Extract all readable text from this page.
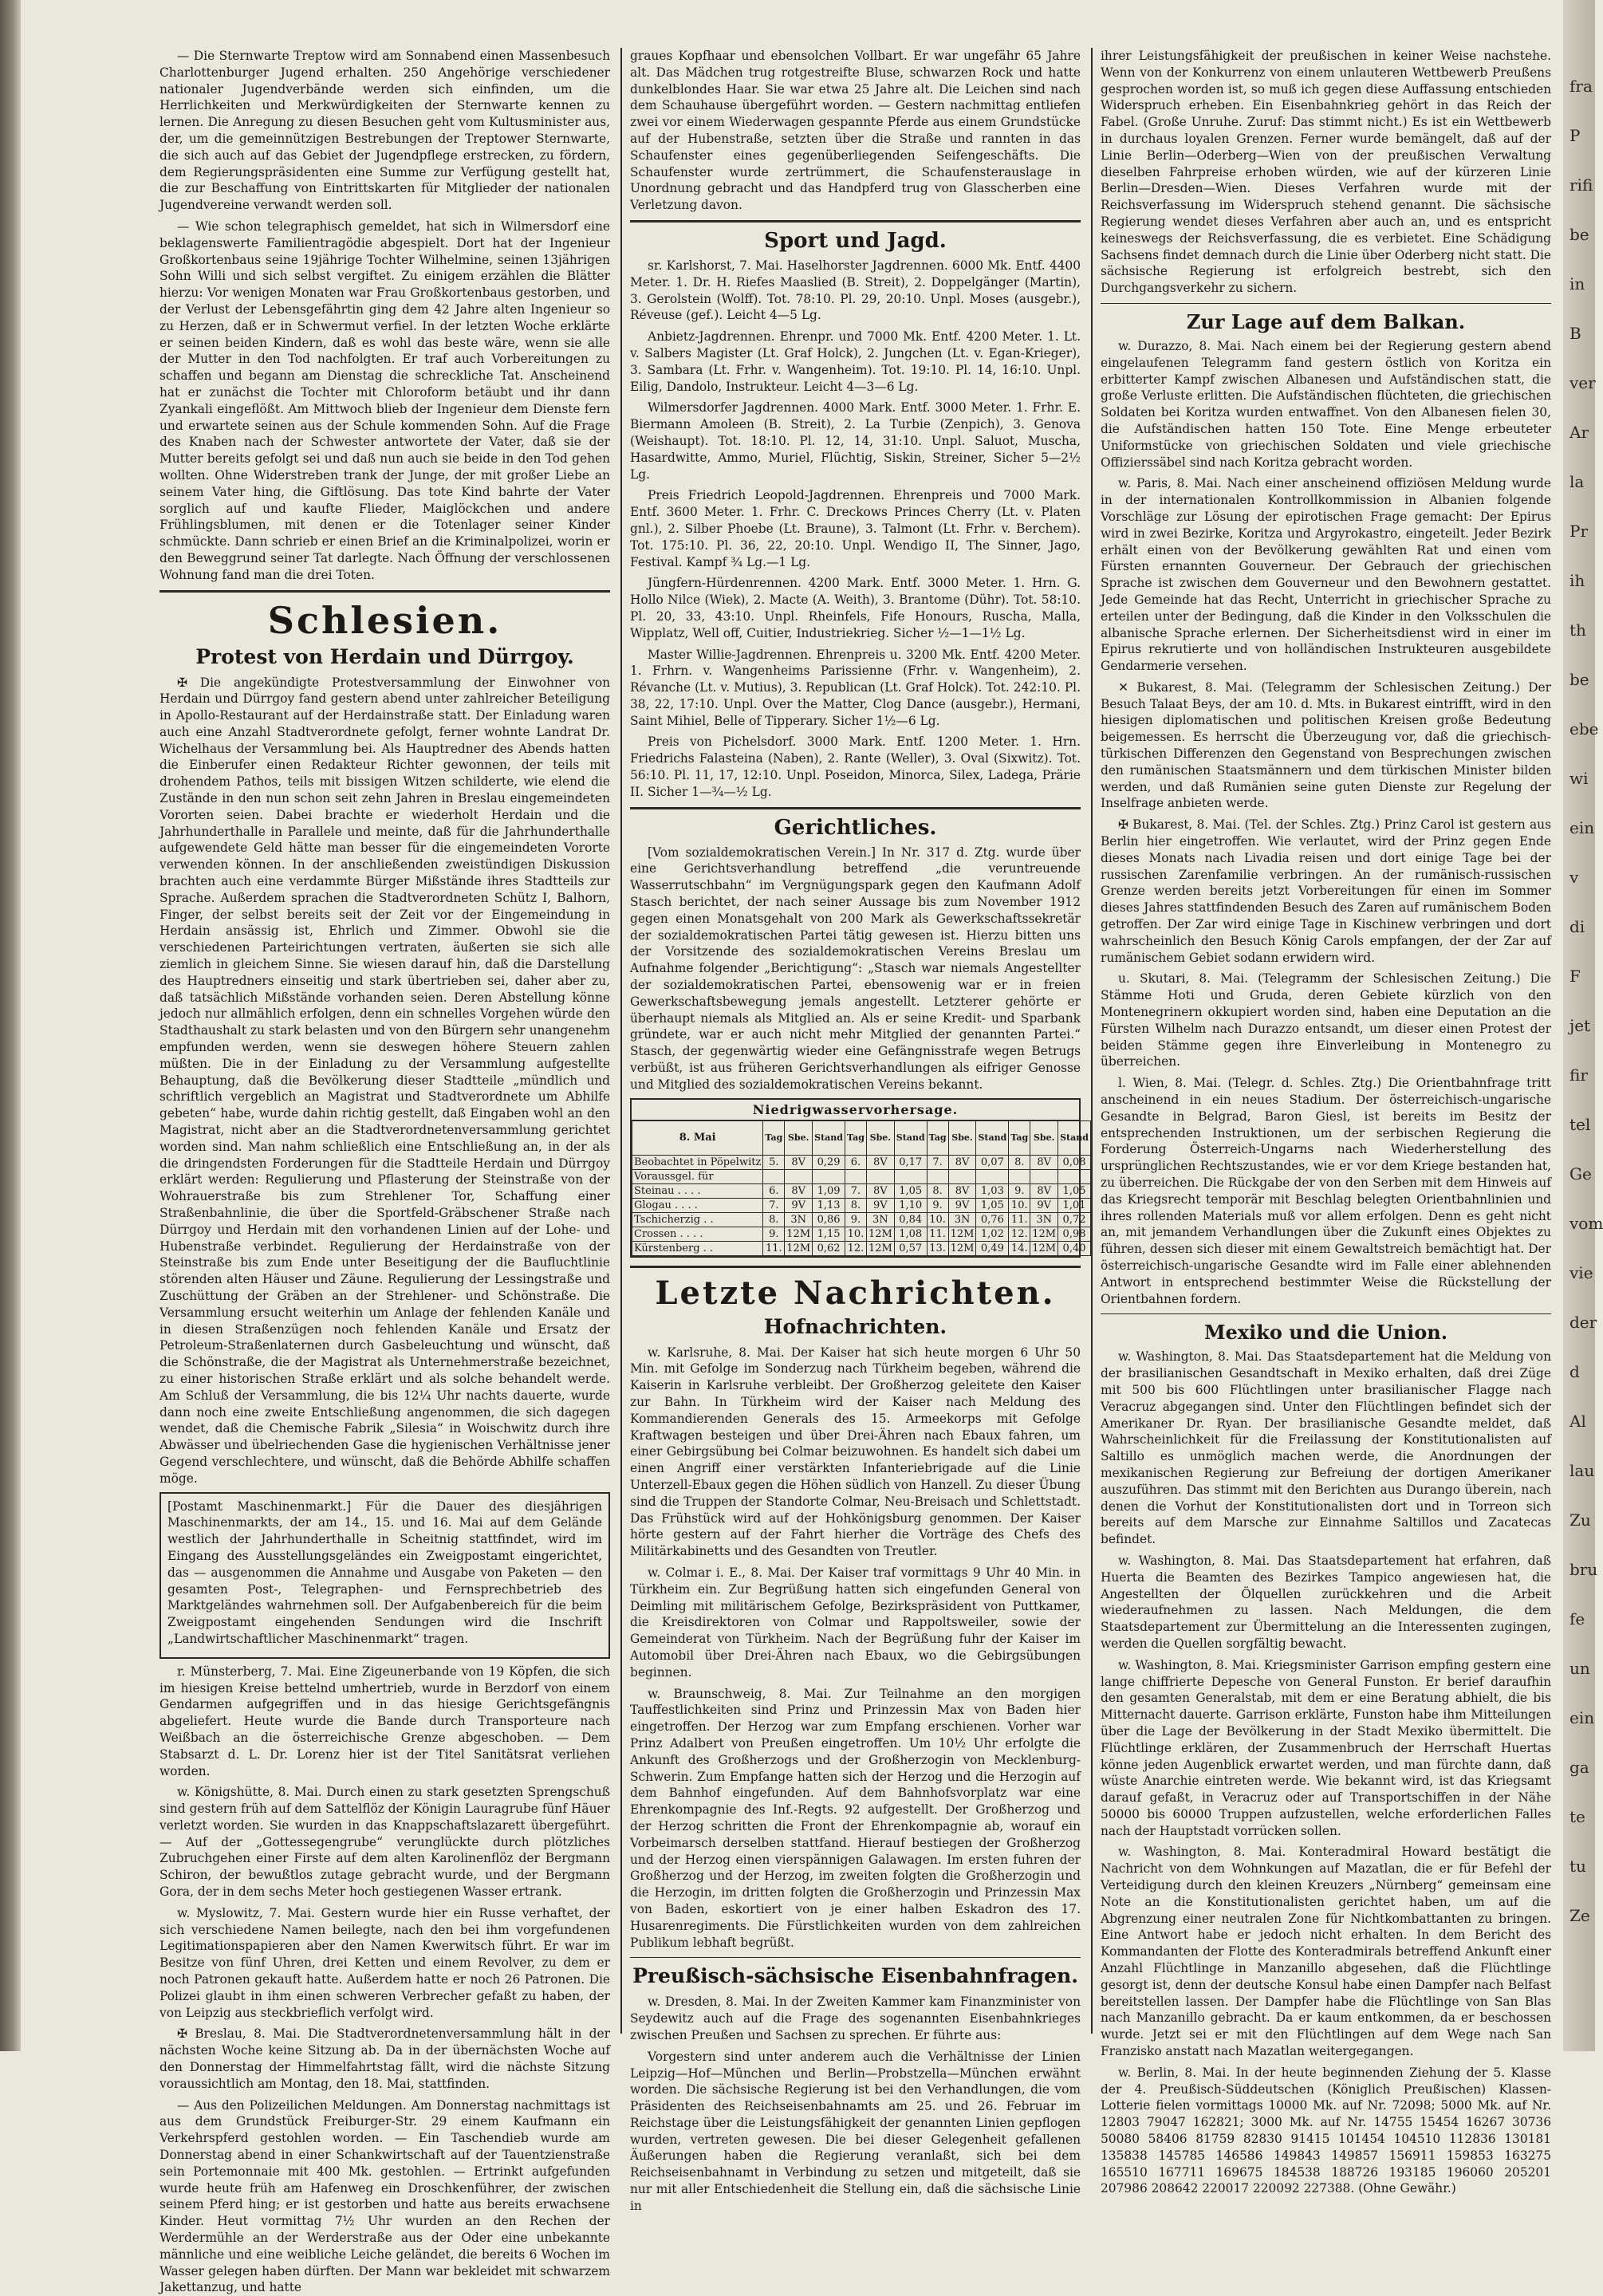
— Die Sternwarte Treptow wird am Sonnabend einen Massenbesuch Charlottenburger Jugend erhalten. 250 Angehörige verschiedener nationaler Jugendverbände werden sich einfinden, um die Herrlichkeiten und Merkwürdigkeiten der Sternwarte kennen zu lernen. Die Anregung zu diesen Besuchen geht vom Kultusminister aus, der, um die gemeinnützigen Bestrebungen der Treptower Sternwarte, die sich auch auf das Gebiet der Jugendpflege erstrecken, zu fördern, dem Regierungspräsidenten eine Summe zur Verfügung gestellt hat, die zur Beschaffung von Eintrittskarten für Mitglieder der nationalen Jugendvereine verwandt werden soll.

— Wie schon telegraphisch gemeldet, hat sich in Wilmersdorf eine beklagenswerte Familientragödie abgespielt. Dort hat der Ingenieur Großkortenbaus seine 19jährige Tochter Wilhelmine, seinen 13jährigen Sohn Willi und sich selbst vergiftet. Zu einigem erzählen die Blätter hierzu: Vor wenigen Monaten war Frau Großkortenbaus gestorben, und der Verlust der Lebensgefährtin ging dem 42 Jahre alten Ingenieur so zu Herzen, daß er in Schwermut verfiel. In der letzten Woche erklärte er seinen beiden Kindern, daß es wohl das beste wäre, wenn sie alle der Mutter in den Tod nachfolgten. Er traf auch Vorbereitungen zu schaffen und begann am Dienstag die schreckliche Tat. Anscheinend hat er zunächst die Tochter mit Chloroform betäubt und ihr dann Zyankali eingeflößt. Am Mittwoch blieb der Ingenieur dem Dienste fern und erwartete seinen aus der Schule kommenden Sohn. Auf die Frage des Knaben nach der Schwester antwortete der Vater, daß sie der Mutter bereits gefolgt sei und daß nun auch sie beide in den Tod gehen wollten. Ohne Widerstreben trank der Junge, der mit großer Liebe an seinem Vater hing, die Giftlösung. Das tote Kind bahrte der Vater sorglich auf und kaufte Flieder, Maiglöckchen und andere Frühlingsblumen, mit denen er die Totenlager seiner Kinder schmückte. Dann schrieb er einen Brief an die Kriminalpolizei, worin er den Beweggrund seiner Tat darlegte. Nach Öffnung der verschlossenen Wohnung fand man die drei Toten.

Schlesien.
Protest von Herdain und Dürrgoy.

✠ Die angekündigte Protestversammlung der Einwohner von Herdain und Dürrgoy fand gestern abend unter zahlreicher Beteiligung in Apollo-Restaurant auf der Herdainstraße statt. Der Einladung waren auch eine Anzahl Stadtverordnete gefolgt, ferner wohnte Landrat Dr. Wichelhaus der Versammlung bei. Als Hauptredner des Abends hatten die Einberufer einen Redakteur Richter gewonnen, der teils mit drohendem Pathos, teils mit bissigen Witzen schilderte, wie elend die Zustände in den nun schon seit zehn Jahren in Breslau eingemeindeten Vororten seien. Dabei brachte er wiederholt Herdain und die Jahrhunderthalle in Parallele und meinte, daß für die Jahrhunderthalle aufgewendete Geld hätte man besser für die eingemeindeten Vororte verwenden können. In der anschließenden zweistündigen Diskussion brachten auch eine verdammte Bürger Mißstände ihres Stadtteils zur Sprache. Außerdem sprachen die Stadtverordneten Schütz I, Balhorn, Finger, der selbst bereits seit der Zeit vor der Eingemeindung in Herdain ansässig ist, Ehrlich und Zimmer. Obwohl sie die verschiedenen Parteirichtungen vertraten, äußerten sie sich alle ziemlich in gleichem Sinne. Sie wiesen darauf hin, daß die Darstellung des Hauptredners einseitig und stark übertrieben sei, daher aber zu, daß tatsächlich Mißstände vorhanden seien. Deren Abstellung könne jedoch nur allmählich erfolgen, denn ein schnelles Vorgehen würde den Stadthaushalt zu stark belasten und von den Bürgern sehr unangenehm empfunden werden, wenn sie deswegen höhere Steuern zahlen müßten. Die in der Einladung zu der Versammlung aufgestellte Behauptung, daß die Bevölkerung dieser Stadtteile „mündlich und schriftlich vergeblich an Magistrat und Stadtverordnete um Abhilfe gebeten“ habe, wurde dahin richtig gestellt, daß Eingaben wohl an den Magistrat, nicht aber an die Stadtverordnetenversammlung gerichtet worden sind. Man nahm schließlich eine Entschließung an, in der als die dringendsten Forderungen für die Stadtteile Herdain und Dürrgoy erklärt werden: Regulierung und Pflasterung der Steinstraße von der Wohrauerstraße bis zum Strehlener Tor, Schaffung einer Straßenbahnlinie, die über die Sportfeld-Gräbschener Straße nach Dürrgoy und Herdain mit den vorhandenen Linien auf der Lohe- und Hubenstraße verbindet. Regulierung der Herdainstraße von der Steinstraße bis zum Ende unter Beseitigung der die Baufluchtlinie störenden alten Häuser und Zäune. Regulierung der Lessingstraße und Zuschüttung der Gräben an der Strehlener- und Schönstraße. Die Versammlung ersucht weiterhin um Anlage der fehlenden Kanäle und in diesen Straßenzügen noch fehlenden Kanäle und Ersatz der Petroleum-Straßenlaternen durch Gasbeleuchtung und wünscht, daß die Schönstraße, die der Magistrat als Unternehmerstraße bezeichnet, zu einer historischen Straße erklärt und als solche behandelt werde. Am Schluß der Versammlung, die bis 12¼ Uhr nachts dauerte, wurde dann noch eine zweite Entschließung angenommen, die sich dagegen wendet, daß die Chemische Fabrik „Silesia“ in Woischwitz durch ihre Abwässer und übelriechenden Gase die hygienischen Verhältnisse jener Gegend verschlechtere, und wünscht, daß die Behörde Abhilfe schaffen möge.

[Postamt Maschinenmarkt.] Für die Dauer des diesjährigen Maschinenmarkts, der am 14., 15. und 16. Mai auf dem Gelände westlich der Jahrhunderthalle in Scheitnig stattfindet, wird im Eingang des Ausstellungsgeländes ein Zweigpostamt eingerichtet, das — ausgenommen die Annahme und Ausgabe von Paketen — den gesamten Post-, Telegraphen- und Fernsprechbetrieb des Marktgeländes wahrnehmen soll. Der Aufgabenbereich für die beim Zweigpostamt eingehenden Sendungen wird die Inschrift „Landwirtschaftlicher Maschinenmarkt“ tragen.

r. Münsterberg, 7. Mai. Eine Zigeunerbande von 19 Köpfen, die sich im hiesigen Kreise bettelnd umhertrieb, wurde in Berzdorf von einem Gendarmen aufgegriffen und in das hiesige Gerichtsgefängnis abgeliefert. Heute wurde die Bande durch Transporteure nach Weißbach an die österreichische Grenze abgeschoben. — Dem Stabsarzt d. L. Dr. Lorenz hier ist der Titel Sanitätsrat verliehen worden.

w. Königshütte, 8. Mai. Durch einen zu stark gesetzten Sprengschuß sind gestern früh auf dem Sattelflöz der Königin Lauragrube fünf Häuer verletzt worden. Sie wurden in das Knappschaftslazarett übergeführt. — Auf der „Gottessegengrube“ verunglückte durch plötzliches Zubruchgehen einer Firste auf dem alten Karolinenflöz der Bergmann Schiron, der bewußtlos zutage gebracht wurde, und der Bergmann Gora, der in dem sechs Meter hoch gestiegenen Wasser ertrank.

w. Myslowitz, 7. Mai. Gestern wurde hier ein Russe verhaftet, der sich verschiedene Namen beilegte, nach den bei ihm vorgefundenen Legitimationspapieren aber den Namen Kwerwitsch führt. Er war im Besitze von fünf Uhren, drei Ketten und einem Revolver, zu dem er noch Patronen gekauft hatte. Außerdem hatte er noch 26 Patronen. Die Polizei glaubt in ihm einen schweren Verbrecher gefaßt zu haben, der von Leipzig aus steckbrieflich verfolgt wird.

✠ Breslau, 8. Mai. Die Stadtverordnetenversammlung hält in der nächsten Woche keine Sitzung ab. Da in der übernächsten Woche auf den Donnerstag der Himmelfahrtstag fällt, wird die nächste Sitzung voraussichtlich am Montag, den 18. Mai, stattfinden.

— Aus den Polizeilichen Meldungen. Am Donnerstag nachmittags ist aus dem Grundstück Freiburger-Str. 29 einem Kaufmann ein Verkehrspferd gestohlen worden. — Ein Taschendieb wurde am Donnerstag abend in einer Schankwirtschaft auf der Tauentzienstraße sein Portemonnaie mit 400 Mk. gestohlen. — Ertrinkt aufgefunden wurde heute früh am Hafenweg ein Droschkenführer, der zwischen seinem Pferd hing; er ist gestorben und hatte aus bereits erwachsene Kinder. Heut vormittag 7½ Uhr wurden an den Rechen der Werdermühle an der Werderstraße aus der Oder eine unbekannte männliche und eine weibliche Leiche geländet, die bereits 6 Wochen im Wasser gelegen haben dürften. Der Mann war bekleidet mit schwarzem Jakettanzug, und hatte

graues Kopfhaar und ebensolchen Vollbart. Er war ungefähr 65 Jahre alt. Das Mädchen trug rotgestreifte Bluse, schwarzen Rock und hatte dunkelblondes Haar. Sie war etwa 25 Jahre alt. Die Leichen sind nach dem Schauhause übergeführt worden. — Gestern nachmittag entliefen zwei vor einem Wiederwagen gespannte Pferde aus einem Grundstücke auf der Hubenstraße, setzten über die Straße und rannten in das Schaufenster eines gegenüberliegenden Seifengeschäfts. Die Schaufenster wurde zertrümmert, die Schaufensterauslage in Unordnung gebracht und das Handpferd trug von Glasscherben eine Verletzung davon.

Sport und Jagd.

sr. Karlshorst, 7. Mai. Haselhorster Jagdrennen. 6000 Mk. Entf. 4400 Meter. 1. Dr. H. Riefes Maaslied (B. Streit), 2. Doppelgänger (Martin), 3. Gerolstein (Wolff). Tot. 78:10. Pl. 29, 20:10. Unpl. Moses (ausgebr.), Réveuse (gef.). Leicht 4—5 Lg.

Anbietz-Jagdrennen. Ehrenpr. und 7000 Mk. Entf. 4200 Meter. 1. Lt. v. Salbers Magister (Lt. Graf Holck), 2. Jungchen (Lt. v. Egan-Krieger), 3. Sambara (Lt. Frhr. v. Wangenheim). Tot. 19:10. Pl. 14, 16:10. Unpl. Eilig, Dandolo, Instrukteur. Leicht 4—3—6 Lg.

Wilmersdorfer Jagdrennen. 4000 Mark. Entf. 3000 Meter. 1. Frhr. E. Biermann Amoleen (B. Streit), 2. La Turbie (Zenpich), 3. Genova (Weishaupt). Tot. 18:10. Pl. 12, 14, 31:10. Unpl. Saluot, Muscha, Hasardwitte, Ammo, Muriel, Flüchtig, Siskin, Streiner, Sicher 5—2½ Lg.

Preis Friedrich Leopold-Jagdrennen. Ehrenpreis und 7000 Mark. Entf. 3600 Meter. 1. Frhr. C. Dreckows Princes Cherry (Lt. v. Platen gnl.), 2. Silber Phoebe (Lt. Braune), 3. Talmont (Lt. Frhr. v. Berchem). Tot. 175:10. Pl. 36, 22, 20:10. Unpl. Wendigo II, The Sinner, Jago, Festival. Kampf ¾ Lg.—1 Lg.

Jüngfern-Hürdenrennen. 4200 Mark. Entf. 3000 Meter. 1. Hrn. G. Hollo Nilce (Wiek), 2. Macte (A. Weith), 3. Brantome (Dühr). Tot. 58:10. Pl. 20, 33, 43:10. Unpl. Rheinfels, Fife Honours, Ruscha, Malla, Wipplatz, Well off, Cuitier, Industriekrieg. Sicher ½—1—1½ Lg.

Master Willie-Jagdrennen. Ehrenpreis u. 3200 Mk. Entf. 4200 Meter. 1. Frhrn. v. Wangenheims Parissienne (Frhr. v. Wangenheim), 2. Révanche (Lt. v. Mutius), 3. Republican (Lt. Graf Holck). Tot. 242:10. Pl. 38, 22, 17:10. Unpl. Over the Matter, Clog Dance (ausgebr.), Hermani, Saint Mihiel, Belle of Tipperary. Sicher 1½—6 Lg.

Preis von Pichelsdorf. 3000 Mark. Entf. 1200 Meter. 1. Hrn. Friedrichs Falasteina (Naben), 2. Rante (Weller), 3. Oval (Sixwitz). Tot. 56:10. Pl. 11, 17, 12:10. Unpl. Poseidon, Minorca, Silex, Ladega, Prärie II. Sicher 1—¾—½ Lg.

Gerichtliches.

[Vom sozialdemokratischen Verein.] In Nr. 317 d. Ztg. wurde über eine Gerichtsverhandlung betreffend „die veruntreuende Wasserrutschbahn“ im Vergnügungspark gegen den Kaufmann Adolf Stasch berichtet, der nach seiner Aussage bis zum November 1912 gegen einen Monatsgehalt von 200 Mark als Gewerkschaftssekretär der sozialdemokratischen Partei tätig gewesen ist. Hierzu bitten uns der Vorsitzende des sozialdemokratischen Vereins Breslau um Aufnahme folgender „Berichtigung“: „Stasch war niemals Angestellter der sozialdemokratischen Partei, ebensowenig war er in freien Gewerkschaftsbewegung jemals angestellt. Letzterer gehörte er überhaupt niemals als Mitglied an. Als er seine Kredit- und Sparbank gründete, war er auch nicht mehr Mitglied der genannten Partei.“ Stasch, der gegenwärtig wieder eine Gefängnisstrafe wegen Betrugs verbüßt, ist aus früheren Gerichtsverhandlungen als eifriger Genosse und Mitglied des sozialdemokratischen Vereins bekannt.

Niedrigwasservorhersage.
8. Mai	Tag	Sbe.	Stand	Tag	Sbe.	Stand	Tag	Sbe.	Stand	Tag	Sbe.	Stand
Beobachtet in Pöpelwitz	5.	8V	0,29	6.	8V	0,17	7.	8V	0,07	8.	8V	0,08
Voraussgel. für												
Steinau . . . .	6.	8V	1,09	7.	8V	1,05	8.	8V	1,03	9.	8V	1,05
Glogau . . . .	7.	9V	1,13	8.	9V	1,10	9.	9V	1,05	10.	9V	1,01
Tschicherzig . .	8.	3N	0,86	9.	3N	0,84	10.	3N	0,76	11.	3N	0,72
Crossen . . . .	9.	12M	1,15	10.	12M	1,08	11.	12M	1,02	12.	12M	0,98
Kürstenberg . .	11.	12M	0,62	12.	12M	0,57	13.	12M	0,49	14.	12M	0,40
Letzte Nachrichten.
Hofnachrichten.

w. Karlsruhe, 8. Mai. Der Kaiser hat sich heute morgen 6 Uhr 50 Min. mit Gefolge im Sonderzug nach Türkheim begeben, während die Kaiserin in Karlsruhe verbleibt. Der Großherzog geleitete den Kaiser zur Bahn. In Türkheim wird der Kaiser nach Meldung des Kommandierenden Generals des 15. Armeekorps mit Gefolge Kraftwagen besteigen und über Drei-Ähren nach Ebaux fahren, um einer Gebirgsübung bei Colmar beizuwohnen. Es handelt sich dabei um einen Angriff einer verstärkten Infanteriebrigade auf die Linie Unterzell-Ebaux gegen die Höhen südlich von Hanzell. Zu dieser Übung sind die Truppen der Standorte Colmar, Neu-Breisach und Schlettstadt. Das Frühstück wird auf der Hohkönigsburg genommen. Der Kaiser hörte gestern auf der Fahrt hierher die Vorträge des Chefs des Militärkabinetts und des Gesandten von Treutler.

w. Colmar i. E., 8. Mai. Der Kaiser traf vormittags 9 Uhr 40 Min. in Türkheim ein. Zur Begrüßung hatten sich eingefunden General von Deimling mit militärischem Gefolge, Bezirkspräsident von Puttkamer, die Kreisdirektoren von Colmar und Rappoltsweiler, sowie der Gemeinderat von Türkheim. Nach der Begrüßung fuhr der Kaiser im Automobil über Drei-Ähren nach Ebaux, wo die Gebirgsübungen beginnen.

w. Braunschweig, 8. Mai. Zur Teilnahme an den morgigen Tauffestlichkeiten sind Prinz und Prinzessin Max von Baden hier eingetroffen. Der Herzog war zum Empfang erschienen. Vorher war Prinz Adalbert von Preußen eingetroffen. Um 10½ Uhr erfolgte die Ankunft des Großherzogs und der Großherzogin von Mecklenburg-Schwerin. Zum Empfange hatten sich der Herzog und die Herzogin auf dem Bahnhof eingefunden. Auf dem Bahnhofsvorplatz war eine Ehrenkompagnie des Inf.-Regts. 92 aufgestellt. Der Großherzog und der Herzog schritten die Front der Ehrenkompagnie ab, worauf ein Vorbeimarsch derselben stattfand. Hierauf bestiegen der Großherzog und der Herzog einen vierspännigen Galawagen. Im ersten fuhren der Großherzog und der Herzog, im zweiten folgten die Großherzogin und die Herzogin, im dritten folgten die Großherzogin und Prinzessin Max von Baden, eskortiert von je einer halben Eskadron des 17. Husarenregiments. Die Fürstlichkeiten wurden von dem zahlreichen Publikum lebhaft begrüßt.

Preußisch-sächsische Eisenbahnfragen.

w. Dresden, 8. Mai. In der Zweiten Kammer kam Finanzminister von Seydewitz auch auf die Frage des sogenannten Eisenbahnkrieges zwischen Preußen und Sachsen zu sprechen. Er führte aus:

Vorgestern sind unter anderem auch die Verhältnisse der Linien Leipzig—Hof—München und Berlin—Probstzella—München erwähnt worden. Die sächsische Regierung ist bei den Verhandlungen, die vom Präsidenten des Reichseisenbahnamts am 25. und 26. Februar im Reichstage über die Leistungsfähigkeit der genannten Linien gepflogen wurden, vertreten gewesen. Die bei dieser Gelegenheit gefallenen Äußerungen haben die Regierung veranlaßt, sich bei dem Reichseisenbahnamt in Verbindung zu setzen und mitgeteilt, daß sie nur mit aller Entschiedenheit die Stellung ein, daß die sächsische Linie in

ihrer Leistungsfähigkeit der preußischen in keiner Weise nachstehe. Wenn von der Konkurrenz von einem unlauteren Wettbewerb Preußens gesprochen worden ist, so muß ich gegen diese Auffassung entschieden Widerspruch erheben. Ein Eisenbahnkrieg gehört in das Reich der Fabel. (Große Unruhe. Zuruf: Das stimmt nicht.) Es ist ein Wettbewerb in durchaus loyalen Grenzen. Ferner wurde bemängelt, daß auf der Linie Berlin—Oderberg—Wien von der preußischen Verwaltung dieselben Fahrpreise erhoben würden, wie auf der kürzeren Linie Berlin—Dresden—Wien. Dieses Verfahren wurde mit der Reichsverfassung im Widerspruch stehend genannt. Die sächsische Regierung wendet dieses Verfahren aber auch an, und es entspricht keineswegs der Reichsverfassung, die es verbietet. Eine Schädigung Sachsens findet demnach durch die Linie über Oderberg nicht statt. Die sächsische Regierung ist erfolgreich bestrebt, sich den Durchgangsverkehr zu sichern.

Zur Lage auf dem Balkan.

w. Durazzo, 8. Mai. Nach einem bei der Regierung gestern abend eingelaufenen Telegramm fand gestern östlich von Koritza ein erbitterter Kampf zwischen Albanesen und Aufständischen statt, die große Verluste erlitten. Die Aufständischen flüchteten, die griechischen Soldaten bei Koritza wurden entwaffnet. Von den Albanesen fielen 30, die Aufständischen hatten 150 Tote. Eine Menge erbeuteter Uniformstücke von griechischen Soldaten und viele griechische Offizierssäbel sind nach Koritza gebracht worden.

w. Paris, 8. Mai. Nach einer anscheinend offiziösen Meldung wurde in der internationalen Kontrollkommission in Albanien folgende Vorschläge zur Lösung der epirotischen Frage gemacht: Der Epirus wird in zwei Bezirke, Koritza und Argyrokastro, eingeteilt. Jeder Bezirk erhält einen von der Bevölkerung gewählten Rat und einen vom Fürsten ernannten Gouverneur. Der Gebrauch der griechischen Sprache ist zwischen dem Gouverneur und den Bewohnern gestattet. Jede Gemeinde hat das Recht, Unterricht in griechischer Sprache zu erteilen unter der Bedingung, daß die Kinder in den Volksschulen die albanische Sprache erlernen. Der Sicherheitsdienst wird in einer im Epirus rekrutierte und von holländischen Instrukteuren ausgebildete Gendarmerie versehen.

✕ Bukarest, 8. Mai. (Telegramm der Schlesischen Zeitung.) Der Besuch Talaat Beys, der am 10. d. Mts. in Bukarest eintrifft, wird in den hiesigen diplomatischen und politischen Kreisen große Bedeutung beigemessen. Es herrscht die Überzeugung vor, daß die griechisch-türkischen Differenzen den Gegenstand von Besprechungen zwischen den rumänischen Staatsmännern und dem türkischen Minister bilden werden, und daß Rumänien seine guten Dienste zur Regelung der Inselfrage anbieten werde.

✠ Bukarest, 8. Mai. (Tel. der Schles. Ztg.) Prinz Carol ist gestern aus Berlin hier eingetroffen. Wie verlautet, wird der Prinz gegen Ende dieses Monats nach Livadia reisen und dort einige Tage bei der russischen Zarenfamilie verbringen. An der rumänisch-russischen Grenze werden bereits jetzt Vorbereitungen für einen im Sommer dieses Jahres stattfindenden Besuch des Zaren auf rumänischem Boden getroffen. Der Zar wird einige Tage in Kischinew verbringen und dort wahrscheinlich den Besuch König Carols empfangen, der der Zar auf rumänischem Gebiet sodann erwidern wird.

u. Skutari, 8. Mai. (Telegramm der Schlesischen Zeitung.) Die Stämme Hoti und Gruda, deren Gebiete kürzlich von den Montenegrinern okkupiert worden sind, haben eine Deputation an die Fürsten Wilhelm nach Durazzo entsandt, um dieser einen Protest der beiden Stämme gegen ihre Einverleibung in Montenegro zu überreichen.

l. Wien, 8. Mai. (Telegr. d. Schles. Ztg.) Die Orientbahnfrage tritt anscheinend in ein neues Stadium. Der österreichisch-ungarische Gesandte in Belgrad, Baron Giesl, ist bereits im Besitz der entsprechenden Instruktionen, um der serbischen Regierung die Forderung Österreich-Ungarns nach Wiederherstellung des ursprünglichen Rechtszustandes, wie er vor dem Kriege bestanden hat, zu überreichen. Die Rückgabe der von den Serben mit dem Hinweis auf das Kriegsrecht temporär mit Beschlag belegten Orientbahnlinien und ihres rollenden Materials muß vor allem erfolgen. Denn es geht nicht an, mit jemandem Verhandlungen über die Zukunft eines Objektes zu führen, dessen sich dieser mit einem Gewaltstreich bemächtigt hat. Der österreichisch-ungarische Gesandte wird im Falle einer ablehnenden Antwort in entsprechend bestimmter Weise die Rückstellung der Orientbahnen fordern.

Mexiko und die Union.

w. Washington, 8. Mai. Das Staatsdepartement hat die Meldung von der brasilianischen Gesandtschaft in Mexiko erhalten, daß drei Züge mit 500 bis 600 Flüchtlingen unter brasilianischer Flagge nach Veracruz abgegangen sind. Unter den Flüchtlingen befindet sich der Amerikaner Dr. Ryan. Der brasilianische Gesandte meldet, daß Wahrscheinlichkeit für die Freilassung der Konstitutionalisten auf Saltillo es unmöglich machen werde, die Anordnungen der mexikanischen Regierung zur Befreiung der dortigen Amerikaner auszuführen. Das stimmt mit den Berichten aus Durango überein, nach denen die Vorhut der Konstitutionalisten dort und in Torreon sich bereits auf dem Marsche zur Einnahme Saltillos und Zacatecas befindet.

w. Washington, 8. Mai. Das Staatsdepartement hat erfahren, daß Huerta die Beamten des Bezirkes Tampico angewiesen hat, die Angestellten der Ölquellen zurückkehren und die Arbeit wiederaufnehmen zu lassen. Nach Meldungen, die dem Staatsdepartement zur Übermittelung an die Interessenten zugingen, werden die Quellen sorgfältig bewacht.

w. Washington, 8. Mai. Kriegsminister Garrison empfing gestern eine lange chiffrierte Depesche von General Funston. Er berief daraufhin den gesamten Generalstab, mit dem er eine Beratung abhielt, die bis Mitternacht dauerte. Garrison erklärte, Funston habe ihm Mitteilungen über die Lage der Bevölkerung in der Stadt Mexiko übermittelt. Die Flüchtlinge erklären, der Zusammenbruch der Herrschaft Huertas könne jeden Augenblick erwartet werden, und man fürchte dann, daß wüste Anarchie eintreten werde. Wie bekannt wird, ist das Kriegsamt darauf gefaßt, in Veracruz oder auf Transportschiffen in der Nähe 50000 bis 60000 Truppen aufzustellen, welche erforderlichen Falles nach der Hauptstadt vorrücken sollen.

w. Washington, 8. Mai. Konteradmiral Howard bestätigt die Nachricht von dem Wohnkungen auf Mazatlan, die er für Befehl der Verteidigung durch den kleinen Kreuzers „Nürnberg“ gemeinsam eine Note an die Konstitutionalisten gerichtet haben, um auf die Abgrenzung einer neutralen Zone für Nichtkombattanten zu bringen. Eine Antwort habe er jedoch nicht erhalten. In dem Bericht des Kommandanten der Flotte des Konteradmirals betreffend Ankunft einer Anzahl Flüchtlinge in Manzanillo abgesehen, daß die Flüchtlinge gesorgt ist, denn der deutsche Konsul habe einen Dampfer nach Belfast bereitstellen lassen. Der Dampfer habe die Flüchtlinge von San Blas nach Manzanillo gebracht. Da er kaum entkommen, da er beschossen wurde. Jetzt sei er mit den Flüchtlingen auf dem Wege nach San Franzisko anstatt nach Mazatlan weitergegangen.

w. Berlin, 8. Mai. In der heute beginnenden Ziehung der 5. Klasse der 4. Preußisch-Süddeutschen (Königlich Preußischen) Klassen-Lotterie fielen vormittags 10000 Mk. auf Nr. 72098; 5000 Mk. auf Nr. 12803 79047 162821; 3000 Mk. auf Nr. 14755 15454 16267 30736 50080 58406 81759 82830 91415 101454 104510 112836 130181 135838 145785 146586 149843 149857 156911 159853 163275 165510 167711 169675 184538 188726 193185 196060 205201 207986 208642 220017 220092 227388. (Ohne Gewähr.)

fra
P
rifi
be
in
B
ver
Ar
la
Pr
ih
th
be
ebe
wi
ein
v
di
F
jet
fir
tel
Ge
vom
vie
der
d
Al
lau
Zu
bru
fe
un
ein
ga
te
tu
Ze
